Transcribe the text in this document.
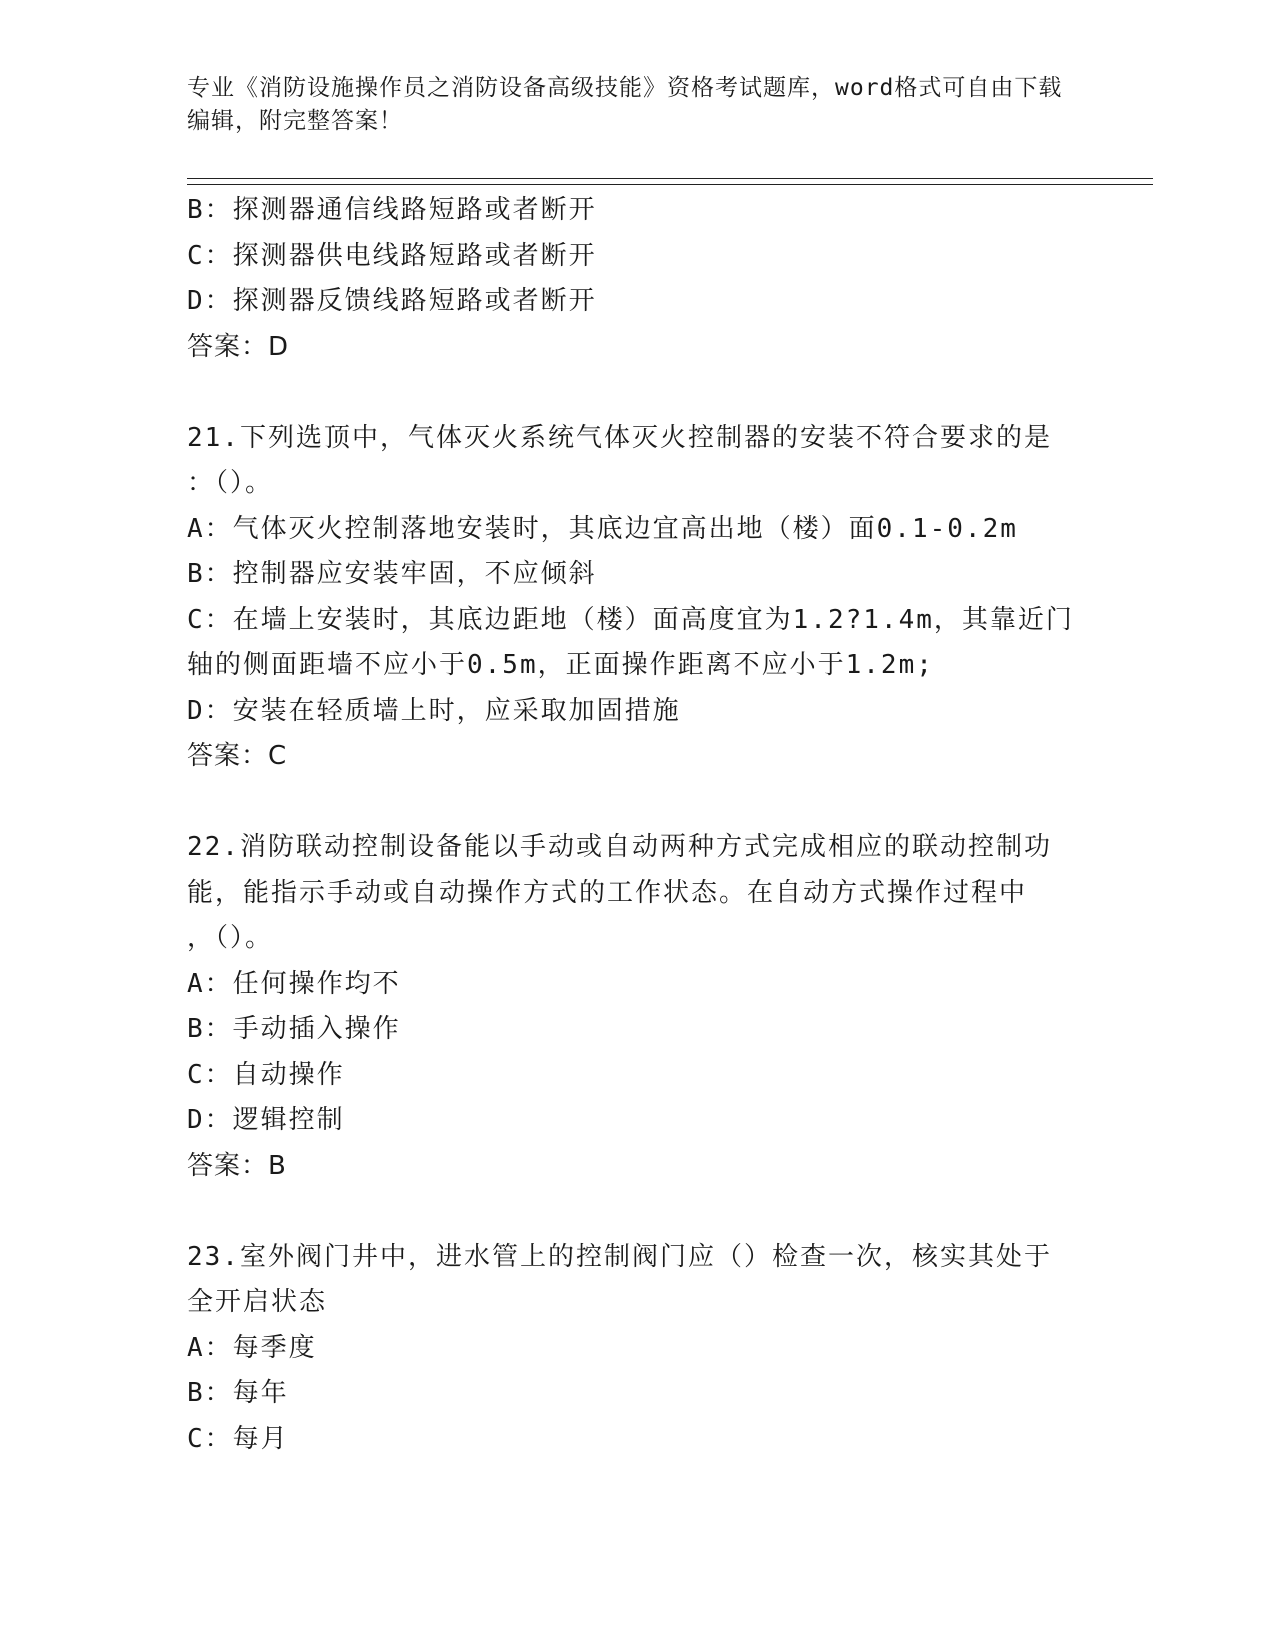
专业《消防设施操作员之消防设备高级技能》资格考试题库，word格式可自由下载编辑，附完整答案！
B：探测器通信线路短路或者断开
C：探测器供电线路短路或者断开
D：探测器反馈线路短路或者断开
答案：D
21.下列选顶中，气体灭火系统气体灭火控制器的安装不符合要求的是
：（）。
A：气体灭火控制落地安装时，其底边宜高出地（楼）面0.1-0.2m
B：控制器应安装牢固，不应倾斜
C：在墙上安装时，其底边距地（楼）面高度宜为1.2?1.4m，其靠近门
轴的侧面距墙不应小于0.5m，正面操作距离不应小于1.2m;
D：安装在轻质墙上时，应采取加固措施
答案：C
22.消防联动控制设备能以手动或自动两种方式完成相应的联动控制功
能，能指示手动或自动操作方式的工作状态。在自动方式操作过程中
，（）。
A：任何操作均不
B：手动插入操作
C：自动操作
D：逻辑控制
答案：B
23.室外阀门井中，进水管上的控制阀门应（）检查一次，核实其处于
全开启状态
A：每季度
B：每年
C：每月
